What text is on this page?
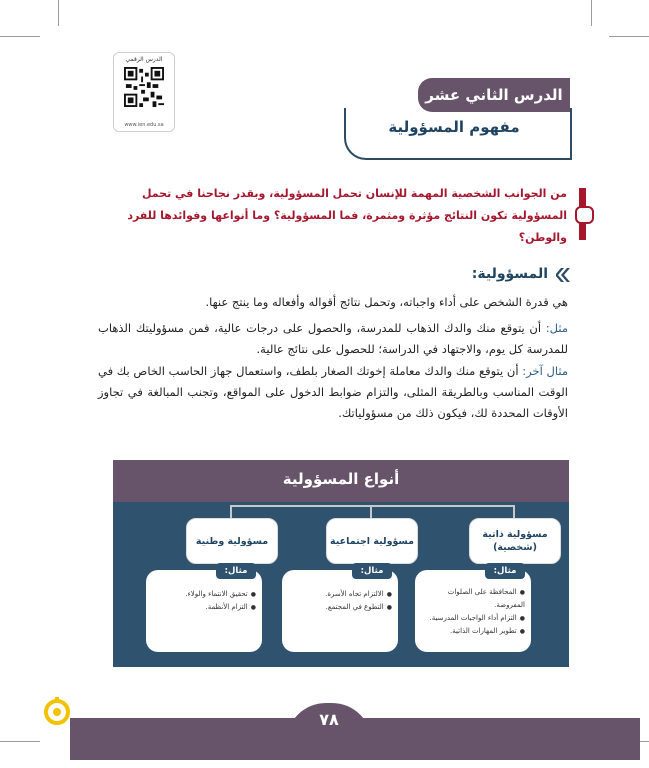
الدرس الرقمي
www.ien.edu.sa
الدرس الثاني عشر
مفهوم المسؤولية
من الجوانب الشخصية المهمة للإنسان تحمل المسؤولية، وبقدر نجاحنا في تحمل المسؤولية تكون النتائج مؤثرة ومثمرة، فما المسؤولية؟ وما أنواعها وفوائدها للفرد والوطن؟
المسؤولية:
هي قدرة الشخص على أداء واجباته، وتحمل نتائج أقواله وأفعاله وما ينتج عنها.
مثل: أن يتوقع منك والدك الذهاب للمدرسة، والحصول على درجات عالية، فمن مسؤوليتك الذهاب للمدرسة كل يوم، والاجتهاد في الدراسة؛ للحصول على نتائج عالية.
مثال آخر: أن يتوقع منك والدك معاملة إخوتك الصغار بلطف، واستعمال جهاز الحاسب الخاص بك في الوقت المناسب وبالطريقة المثلى، والتزام ضوابط الدخول على المواقع، وتجنب المبالغة في تجاوز الأوقات المحددة لك، فيكون ذلك من مسؤولياتك.
أنواع المسؤولية
مسؤولية ذاتية (شخصية)
مسؤولية اجتماعية
مسؤولية وطنية
مثال:
● المحافظة على الصلوات المفروضة.
● التزام أداء الواجبات المدرسية.
● تطوير المهارات الذاتية.
مثال:
● الالتزام تجاه الأسرة.
● التطوع في المجتمع.
مثال:
● تحقيق الانتماء والولاء.
● التزام الأنظمة.
٧٨
